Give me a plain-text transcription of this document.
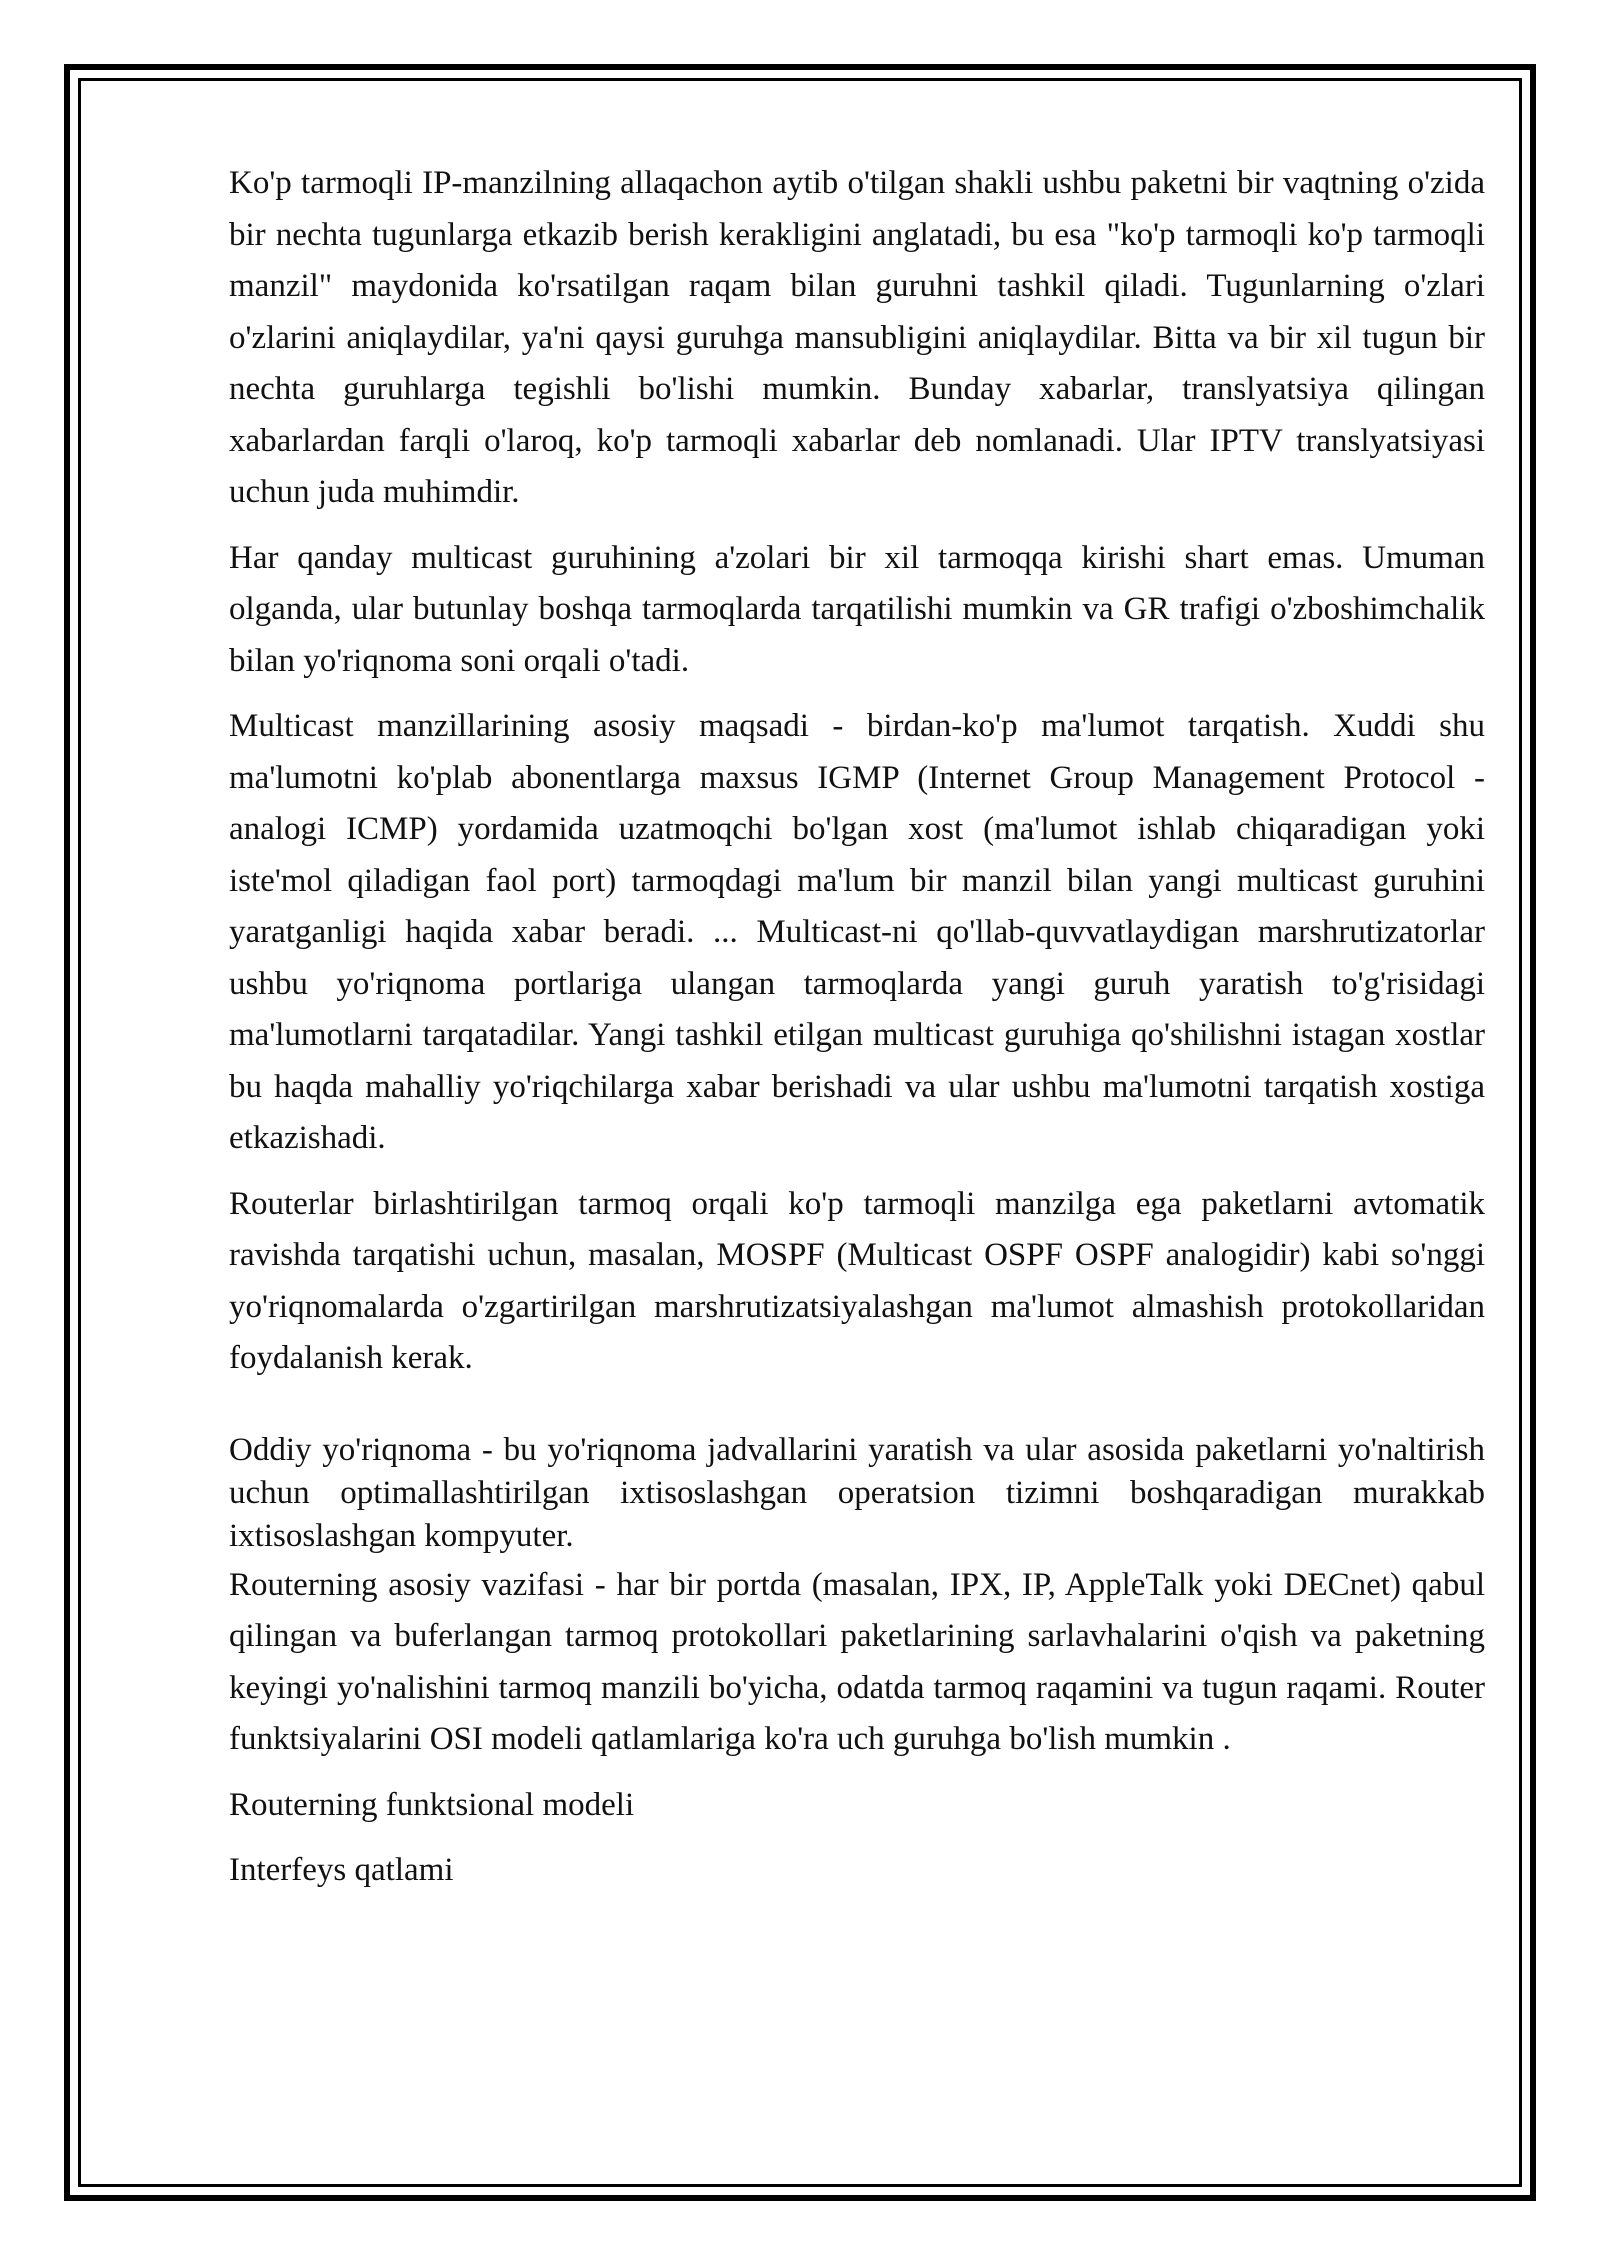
Ko'p tarmoqli IP-manzilning allaqachon aytib o'tilgan shakli ushbu paketni bir vaqtning o'zida bir nechta tugunlarga etkazib berish kerakligini anglatadi, bu esa "ko'p tarmoqli ko'p tarmoqli manzil" maydonida ko'rsatilgan raqam bilan guruhni tashkil qiladi. Tugunlarning o'zlari o'zlarini aniqlaydilar, ya'ni qaysi guruhga mansubligini aniqlaydilar. Bitta va bir xil tugun bir nechta guruhlarga tegishli bo'lishi mumkin. Bunday xabarlar, translyatsiya qilingan xabarlardan farqli o'laroq, ko'p tarmoqli xabarlar deb nomlanadi. Ular IPTV translyatsiyasi uchun juda muhimdir.

Har qanday multicast guruhining a'zolari bir xil tarmoqqa kirishi shart emas. Umuman olganda, ular butunlay boshqa tarmoqlarda tarqatilishi mumkin va GR trafigi o'zboshimchalik bilan yo'riqnoma soni orqali o'tadi.

Multicast manzillarining asosiy maqsadi - birdan-ko'p ma'lumot tarqatish. Xuddi shu ma'lumotni ko'plab abonentlarga maxsus IGMP (Internet Group Management Protocol - analogi ICMP) yordamida uzatmoqchi bo'lgan xost (ma'lumot ishlab chiqaradigan yoki iste'mol qiladigan faol port) tarmoqdagi ma'lum bir manzil bilan yangi multicast guruhini yaratganligi haqida xabar beradi. ... Multicast-ni qo'llab-quvvatlaydigan marshrutizatorlar ushbu yo'riqnoma portlariga ulangan tarmoqlarda yangi guruh yaratish to'g'risidagi ma'lumotlarni tarqatadilar. Yangi tashkil etilgan multicast guruhiga qo'shilishni istagan xostlar bu haqda mahalliy yo'riqchilarga xabar berishadi va ular ushbu ma'lumotni tarqatish xostiga etkazishadi.

Routerlar birlashtirilgan tarmoq orqali ko'p tarmoqli manzilga ega paketlarni avtomatik ravishda tarqatishi uchun, masalan, MOSPF (Multicast OSPF OSPF analogidir) kabi so'nggi yo'riqnomalarda o'zgartirilgan marshrutizatsiyalashgan ma'lumot almashish protokollaridan foydalanish kerak.

Oddiy yo'riqnoma - bu yo'riqnoma jadvallarini yaratish va ular asosida paketlarni yo'naltirish uchun optimallashtirilgan ixtisoslashgan operatsion tizimni boshqaradigan murakkab ixtisoslashgan kompyuter.

Routerning asosiy vazifasi - har bir portda (masalan, IPX, IP, AppleTalk yoki DECnet) qabul qilingan va buferlangan tarmoq protokollari paketlarining sarlavhalarini o'qish va paketning keyingi yo'nalishini tarmoq manzili bo'yicha, odatda tarmoq raqamini va tugun raqami. Router funktsiyalarini OSI modeli qatlamlariga ko'ra uch guruhga bo'lish mumkin .

Routerning funktsional modeli

Interfeys qatlami
